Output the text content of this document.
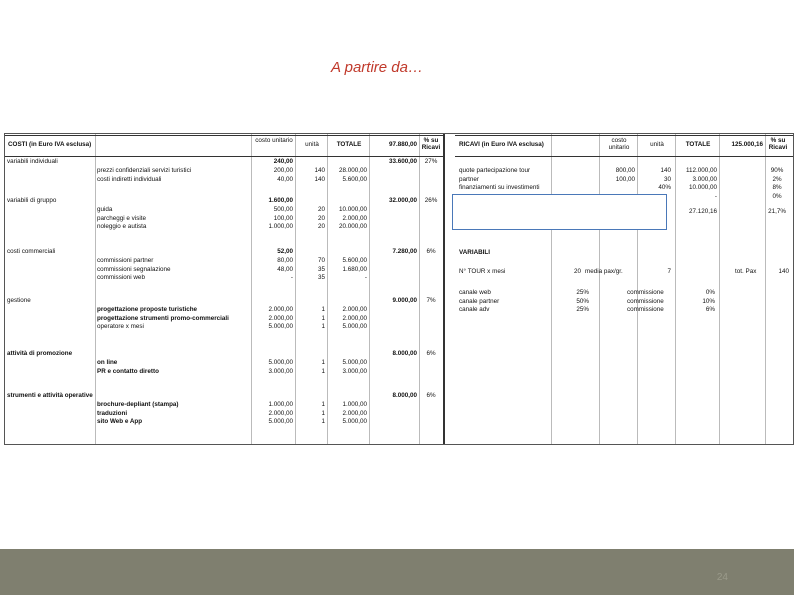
A partire da…
COSTI (in Euro IVA esclusa)
costo unitario
unità	TOTALE	97.880,00
% su Ricavi
variabili individuali	240,00	33.600,00	27%
prezzi confidenziali servizi turistici	200,00	140	28.000,00
costi indiretti individuali	40,00	140	5.600,00
variabili di gruppo	1.600,00	32.000,00	26%
guida	500,00	20	10.000,00
parcheggi e visite	100,00	20	2.000,00
noleggio e autista	1.000,00	20	20.000,00
costi commerciali	52,00	7.280,00	6%
commissioni partner	80,00	70	5.600,00
commissioni segnalazione	48,00	35	1.680,00
commissioni web	-	35	-
gestione	9.000,00	7%
progettazione proposte turistiche	2.000,00	1	2.000,00
progettazione strumenti promo-commerciali	2.000,00	1	2.000,00
operatore x mesi	5.000,00	1	5.000,00
attività di promozione	8.000,00	6%
on line	5.000,00	1	5.000,00
PR e contatto diretto	3.000,00	1	3.000,00
strumenti e attività operative	8.000,00	6%
brochure-depliant (stampa)	1.000,00	1	1.000,00
traduzioni	2.000,00	1	2.000,00
sito Web e App	5.000,00	1	5.000,00
RICAVI (in Euro IVA esclusa)
costo unitario	unità	TOTALE	125.000,16
% su Ricavi
quote partecipazione tour	800,00	140	112.000,00	90%
partner	100,00	30	3.000,00	2%
finanziamenti su investimenti	40%	10.000,00	8%
-	0%
27.120,16	21,7%
VARIABILI
N° TOUR x mesi	20 media pax/gr.	7	tot. Pax	140
canale web	25%	commissione	0%
canale partner	50%	commissione	10%
canale adv	25%	commissione	6%
24
